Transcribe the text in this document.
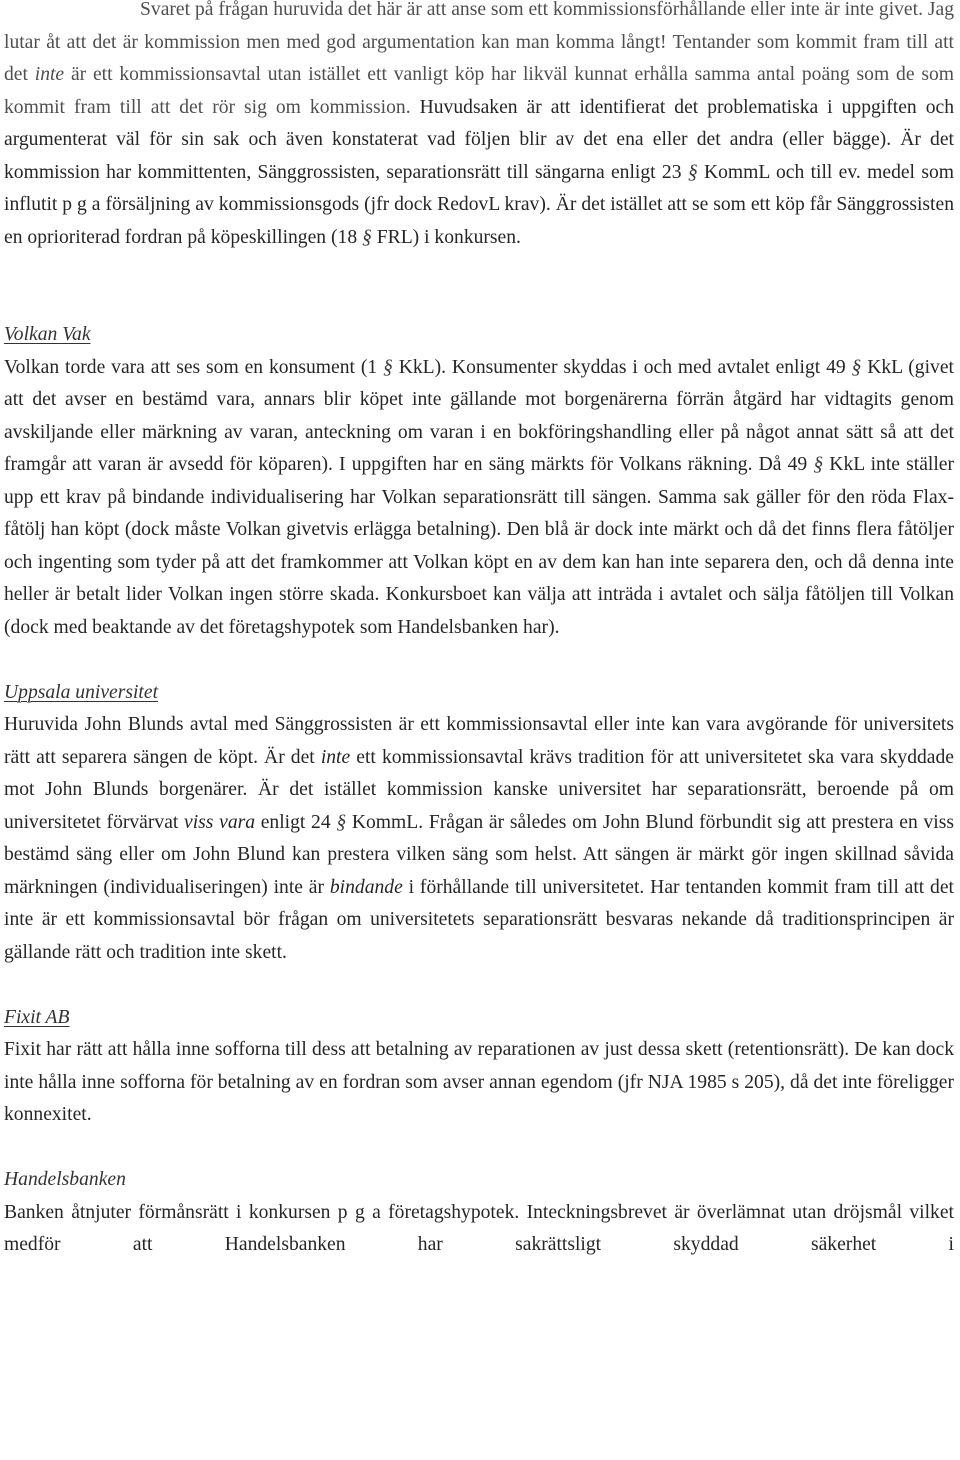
Svaret på frågan huruvida det här är att anse som ett kommissionsförhållande eller inte är inte givet. Jag lutar åt att det är kommission men med god argumentation kan man komma långt! Tentander som kommit fram till att det inte är ett kommissionsavtal utan istället ett vanligt köp har likväl kunnat erhålla samma antal poäng som de som kommit fram till att det rör sig om kommission. Huvudsaken är att identifierat det problematiska i uppgiften och argumenterat väl för sin sak och även konstaterat vad följen blir av det ena eller det andra (eller bägge). Är det kommission har kommittenten, Sänggrossisten, separationsrätt till sängarna enligt 23 § KommL och till ev. medel som influtit p g a försäljning av kommissionsgods (jfr dock RedovL krav). Är det istället att se som ett köp får Sänggrossisten en oprioriterad fordran på köpeskillingen (18 § FRL) i konkursen.

Volkan Vak

Volkan torde vara att ses som en konsument (1 § KkL). Konsumenter skyddas i och med avtalet enligt 49 § KkL (givet att det avser en bestämd vara, annars blir köpet inte gällande mot borgenärerna förrän åtgärd har vidtagits genom avskiljande eller märkning av varan, anteckning om varan i en bokföringshandling eller på något annat sätt så att det framgår att varan är avsedd för köparen). I uppgiften har en säng märkts för Volkans räkning. Då 49 § KkL inte ställer upp ett krav på bindande individualisering har Volkan separationsrätt till sängen. Samma sak gäller för den röda Flax-fåtölj han köpt (dock måste Volkan givetvis erlägga betalning). Den blå är dock inte märkt och då det finns flera fåtöljer och ingenting som tyder på att det framkommer att Volkan köpt en av dem kan han inte separera den, och då denna inte heller är betalt lider Volkan ingen större skada. Konkursboet kan välja att inträda i avtalet och sälja fåtöljen till Volkan (dock med beaktande av det företagshypotek som Handelsbanken har).

Uppsala universitet

Huruvida John Blunds avtal med Sänggrossisten är ett kommissionsavtal eller inte kan vara avgörande för universitets rätt att separera sängen de köpt. Är det inte ett kommissionsavtal krävs tradition för att universitetet ska vara skyddade mot John Blunds borgenärer. Är det istället kommission kanske universitet har separationsrätt, beroende på om universitetet förvärvat viss vara enligt 24 § KommL. Frågan är således om John Blund förbundit sig att prestera en viss bestämd säng eller om John Blund kan prestera vilken säng som helst. Att sängen är märkt gör ingen skillnad såvida märkningen (individualiseringen) inte är bindande i förhållande till universitetet. Har tentanden kommit fram till att det inte är ett kommissionsavtal bör frågan om universitetets separationsrätt besvaras nekande då traditionsprincipen är gällande rätt och tradition inte skett.

Fixit AB

Fixit har rätt att hålla inne sofforna till dess att betalning av reparationen av just dessa skett (retentionsrätt). De kan dock inte hålla inne sofforna för betalning av en fordran som avser annan egendom (jfr NJA 1985 s 205), då det inte föreligger konnexitet.

Handelsbanken

Banken åtnjuter förmånsrätt i konkursen p g a företagshypotek. Inteckningsbrevet är överlämnat utan dröjsmål vilket medför att Handelsbanken har sakrättsligt skyddad säkerhet i
